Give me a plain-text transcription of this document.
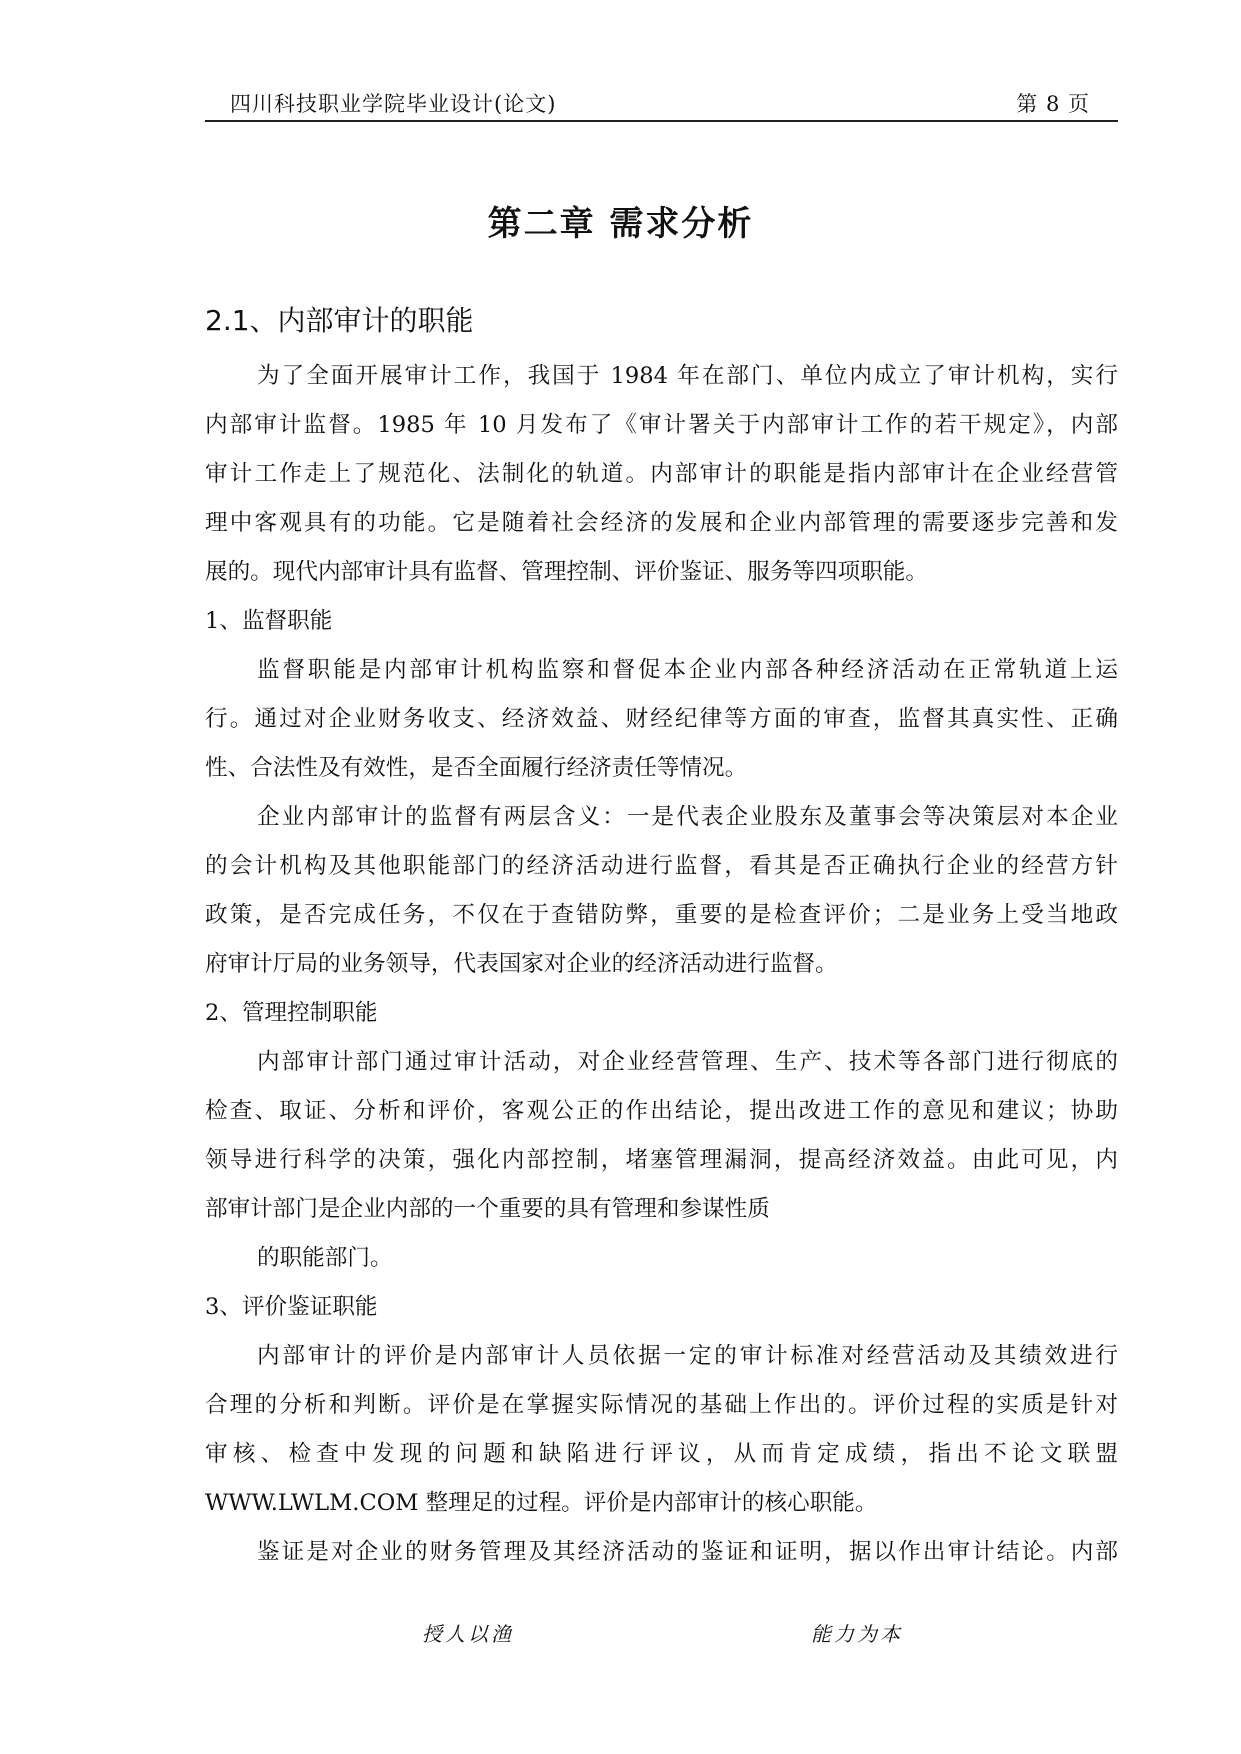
四川科技职业学院毕业设计(论文)	第 8 页
第二章 需求分析
2.1、内部审计的职能
为了全面开展审计工作，我国于 1984 年在部门、单位内成立了审计机构，实行
内部审计监督。1985 年 10 月发布了《审计署关于内部审计工作的若干规定》，内部
审计工作走上了规范化、法制化的轨道。内部审计的职能是指内部审计在企业经营管
理中客观具有的功能。它是随着社会经济的发展和企业内部管理的需要逐步完善和发
展的。现代内部审计具有监督、管理控制、评价鉴证、服务等四项职能。
1、监督职能
监督职能是内部审计机构监察和督促本企业内部各种经济活动在正常轨道上运
行。通过对企业财务收支、经济效益、财经纪律等方面的审查，监督其真实性、正确
性、合法性及有效性，是否全面履行经济责任等情况。
企业内部审计的监督有两层含义：一是代表企业股东及董事会等决策层对本企业
的会计机构及其他职能部门的经济活动进行监督，看其是否正确执行企业的经营方针
政策，是否完成任务，不仅在于查错防弊，重要的是检查评价；二是业务上受当地政
府审计厅局的业务领导，代表国家对企业的经济活动进行监督。
2、管理控制职能
内部审计部门通过审计活动，对企业经营管理、生产、技术等各部门进行彻底的
检查、取证、分析和评价，客观公正的作出结论，提出改进工作的意见和建议；协助
领导进行科学的决策，强化内部控制，堵塞管理漏洞，提高经济效益。由此可见，内
部审计部门是企业内部的一个重要的具有管理和参谋性质
的职能部门。
3、评价鉴证职能
内部审计的评价是内部审计人员依据一定的审计标准对经营活动及其绩效进行
合理的分析和判断。评价是在掌握实际情况的基础上作出的。评价过程的实质是针对
审核、检查中发现的问题和缺陷进行评议，从而肯定成绩，指出不论文联盟
WWW.LWLM.COM 整理足的过程。评价是内部审计的核心职能。
鉴证是对企业的财务管理及其经济活动的鉴证和证明，据以作出审计结论。内部
授人以渔	能力为本
